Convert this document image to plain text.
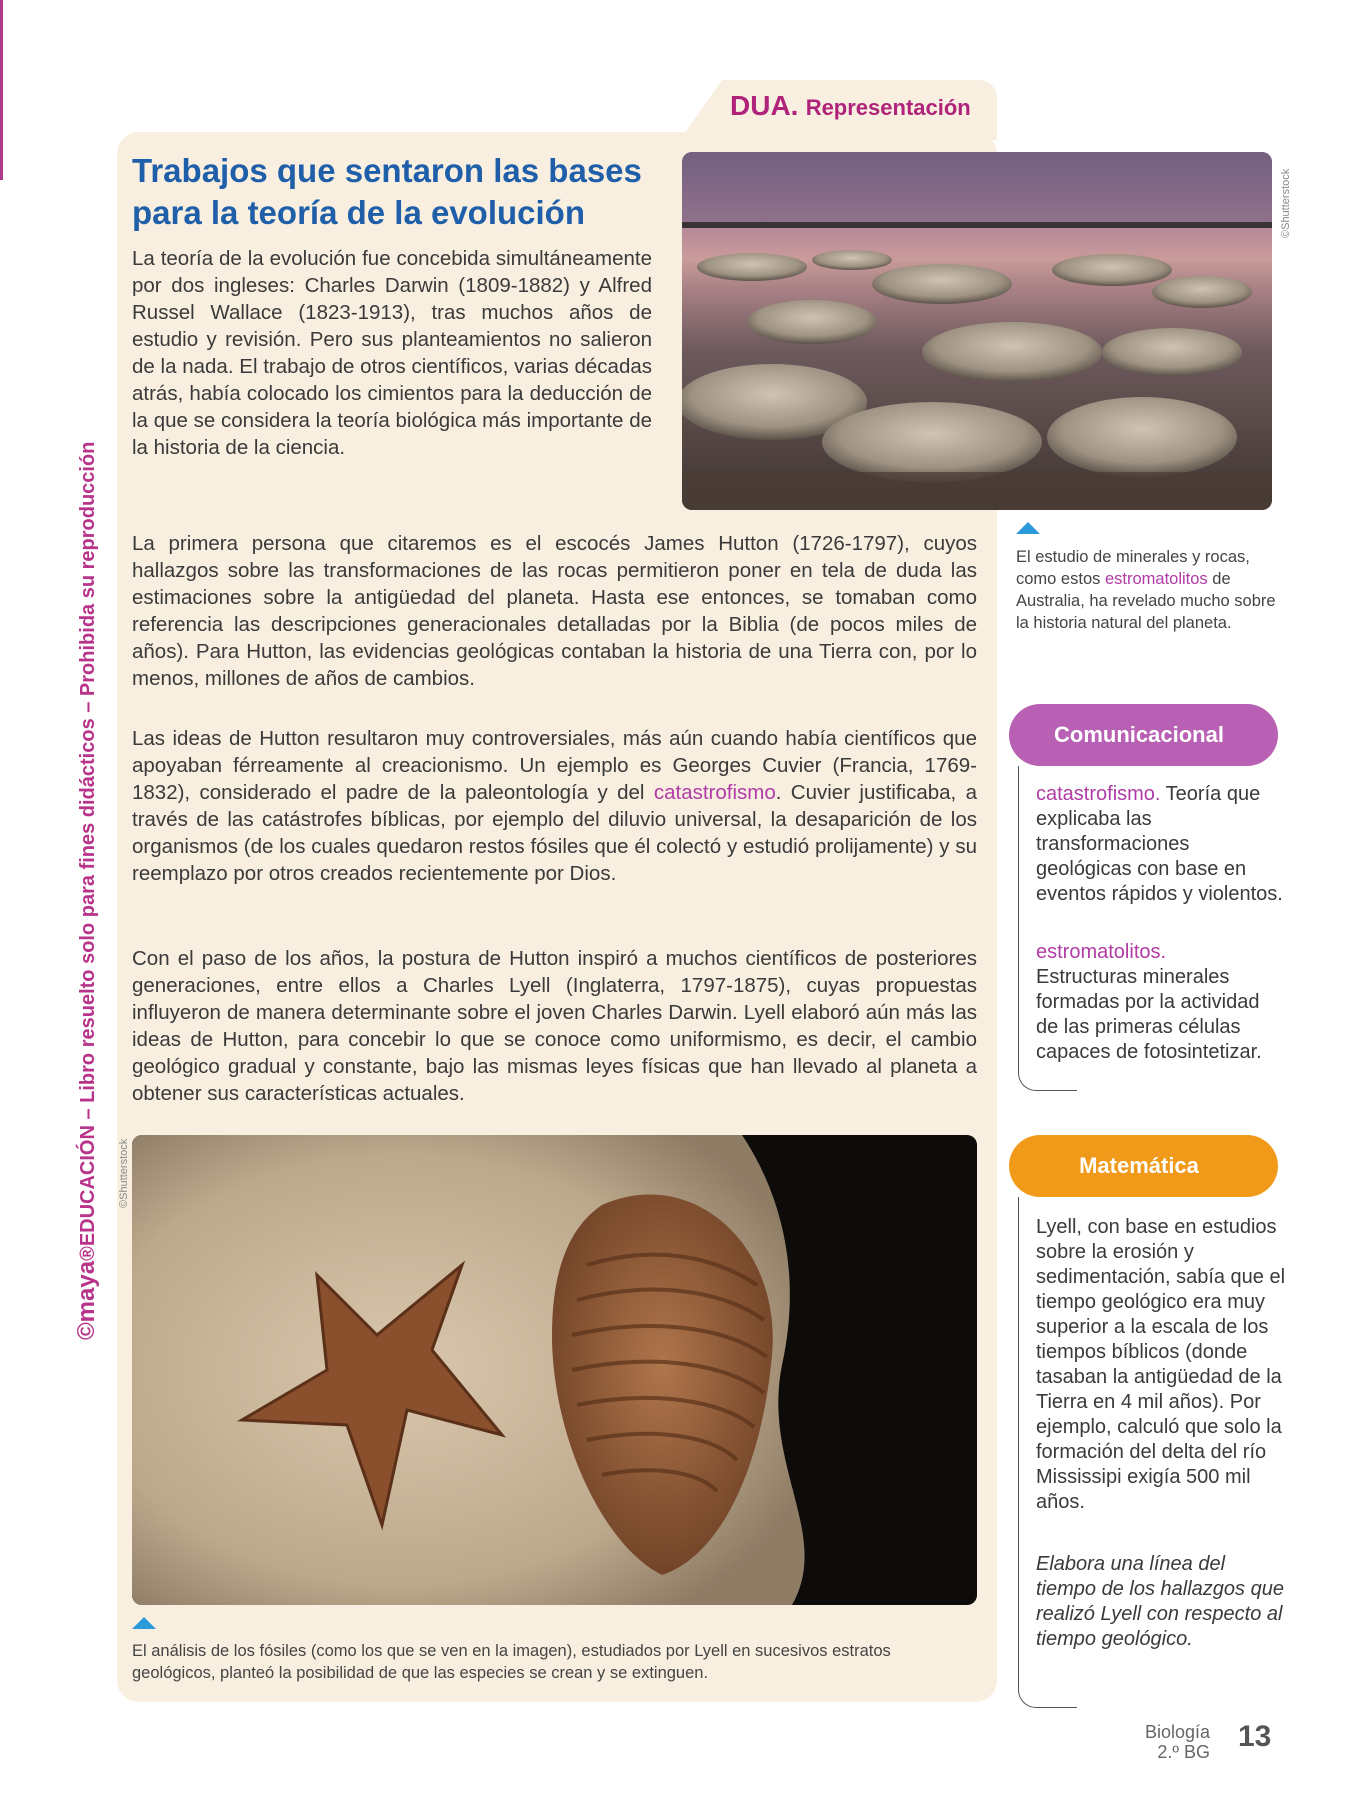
©maya®EDUCACIÓN – Libro resuelto solo para fines didácticos – Prohibida su reproducción
DUA. Representación
Trabajos que sentaron las bases para la teoría de la evolución

La teoría de la evolución fue concebida simultáneamente por dos ingleses: Charles Darwin (1809-1882) y Alfred Russel Wallace (1823-1913), tras muchos años de estudio y revisión. Pero sus planteamientos no salieron de la nada. El trabajo de otros científicos, varias décadas atrás, había colocado los cimientos para la deducción de la que se considera la teoría biológica más importante de la historia de la ciencia.

La primera persona que citaremos es el escocés James Hutton (1726-1797), cuyos hallazgos sobre las transformaciones de las rocas permitieron poner en tela de duda las estimaciones sobre la antigüedad del planeta. Hasta ese entonces, se tomaban como referencia las descripciones generacionales detalladas por la Biblia (de pocos miles de años). Para Hutton, las evidencias geológicas contaban la historia de una Tierra con, por lo menos, millones de años de cambios.

Las ideas de Hutton resultaron muy controversiales, más aún cuando había científicos que apoyaban férreamente al creacionismo. Un ejemplo es Georges Cuvier (Francia, 1769-1832), considerado el padre de la paleontología y del catastrofismo. Cuvier justificaba, a través de las catástrofes bíblicas, por ejemplo del diluvio universal, la desaparición de los organismos (de los cuales quedaron restos fósiles que él colectó y estudió prolijamente) y su reemplazo por otros creados recientemente por Dios.

Con el paso de los años, la postura de Hutton inspiró a muchos científicos de posteriores generaciones, entre ellos a Charles Lyell (Inglaterra, 1797-1875), cuyas propuestas influyeron de manera determinante sobre el joven Charles Darwin. Lyell elaboró aún más las ideas de Hutton, para concebir lo que se conoce como uniformismo, es decir, el cambio geológico gradual y constante, bajo las mismas leyes físicas que han llevado al planeta a obtener sus características actuales.

©Shutterstock

El estudio de minerales y rocas, como estos estromatolitos de Australia, ha revelado mucho sobre la historia natural del planeta.

©Shutterstock

El análisis de los fósiles (como los que se ven en la imagen), estudiados por Lyell en sucesivos estratos geológicos, planteó la posibilidad de que las especies se crean y se extinguen.

Comunicacional

catastrofismo. Teoría que explicaba las transformaciones geológicas con base en eventos rápidos y violentos.

estromatolitos.
Estructuras minerales formadas por la actividad de las primeras células capaces de fotosintetizar.

Matemática

Lyell, con base en estudios sobre la erosión y sedimentación, sabía que el tiempo geológico era muy superior a la escala de los tiempos bíblicos (donde tasaban la antigüedad de la Tierra en 4 mil años). Por ejemplo, calculó que solo la formación del delta del río Mississipi exigía 500 mil años.

Elabora una línea del tiempo de los hallazgos que realizó Lyell con respecto al tiempo geológico.

Biología
2.º BG 13
